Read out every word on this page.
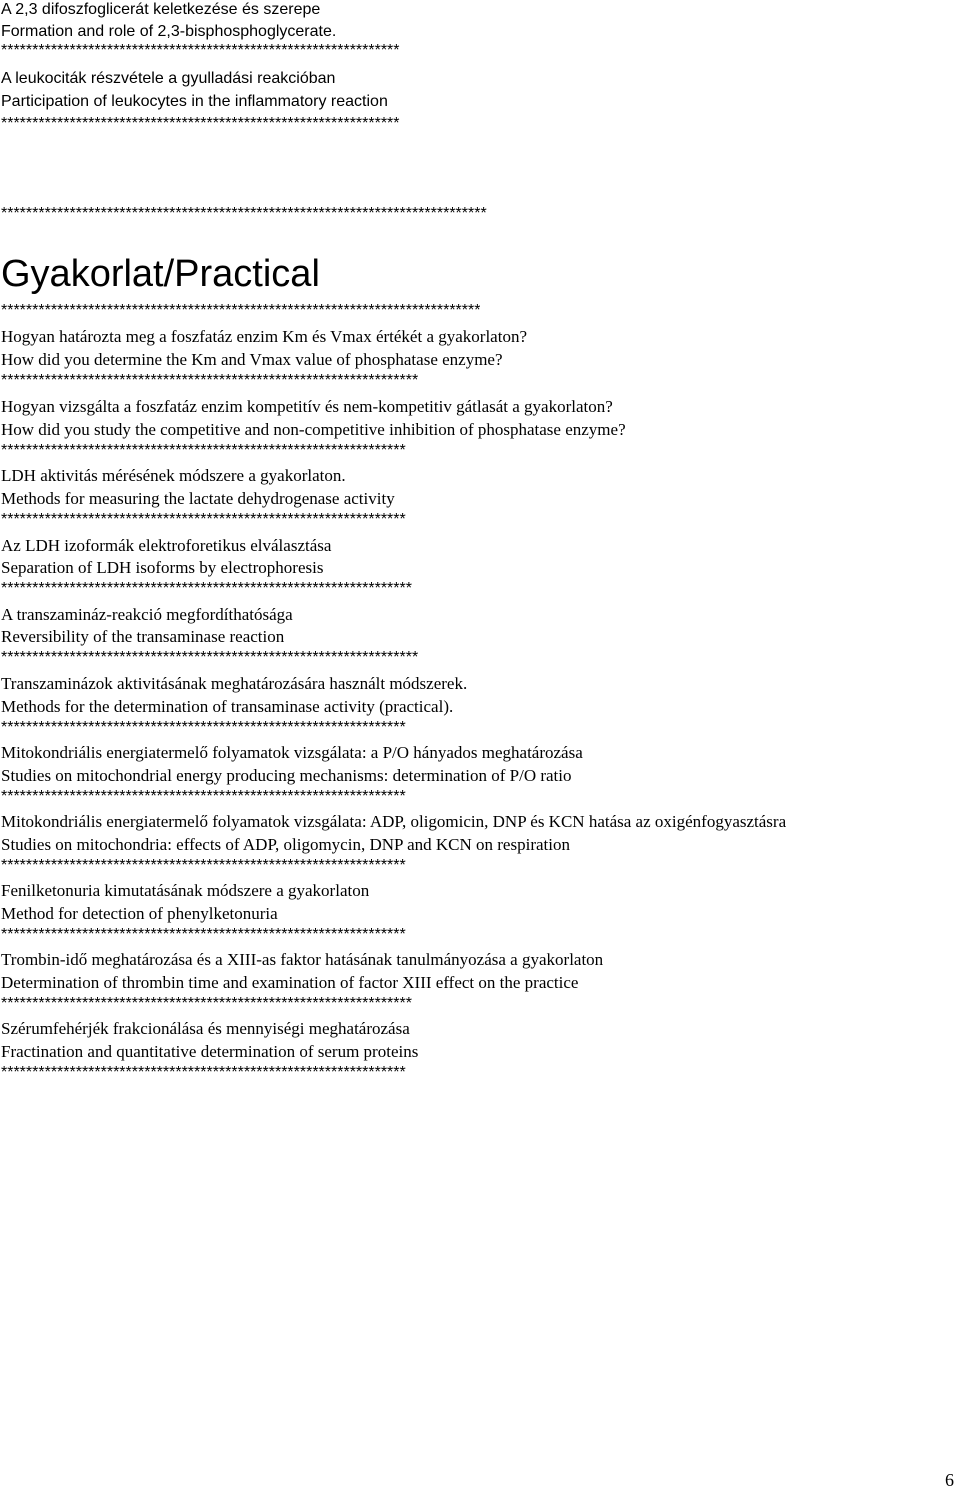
A 2,3 difoszfoglicerát keletkezése és szerepe

Formation and role of 2,3-bisphosphoglycerate.

****************************************************************

A leukociták részvétele a gyulladási reakcióban

Participation of leukocytes in the inflammatory reaction

****************************************************************

******************************************************************************

Gyakorlat/Practical

*****************************************************************************

Hogyan határozta meg a foszfatáz enzim Km és Vmax értékét a gyakorlaton?

How did you determine the Km and Vmax value of phosphatase enzyme?

*******************************************************************

Hogyan vizsgálta a foszfatáz enzim kompetitív és nem-kompetitiv gátlasát a gyakorlaton?

How did you study the competitive and non-competitive inhibition of phosphatase enzyme?

*****************************************************************

LDH aktivitás mérésének módszere a gyakorlaton.

Methods for measuring the lactate dehydrogenase activity

*****************************************************************

Az LDH izoformák elektroforetikus elválasztása

Separation of LDH isoforms by electrophoresis

******************************************************************

A transzamináz-reakció megfordíthatósága

Reversibility of the transaminase reaction

*******************************************************************

Transzaminázok aktivitásának meghatározására használt módszerek.

Methods for the determination of transaminase activity (practical).

*****************************************************************

Mitokondriális energiatermelő folyamatok vizsgálata: a P/O hányados meghatározása

Studies on mitochondrial energy producing mechanisms: determination of P/O ratio

*****************************************************************

Mitokondriális energiatermelő folyamatok vizsgálata: ADP, oligomicin, DNP és KCN hatása az oxigénfogyasztásra

Studies on mitochondria: effects of ADP, oligomycin, DNP and KCN on respiration

*****************************************************************

Fenilketonuria kimutatásának módszere a gyakorlaton

Method for detection of phenylketonuria

*****************************************************************

Trombin-idő meghatározása és a XIII-as faktor hatásának tanulmányozása a gyakorlaton

Determination of thrombin time and examination of factor XIII effect on the practice

******************************************************************

Szérumfehérjék frakcionálása és mennyiségi meghatározása

Fractination and quantitative determination of serum proteins

*****************************************************************

6
